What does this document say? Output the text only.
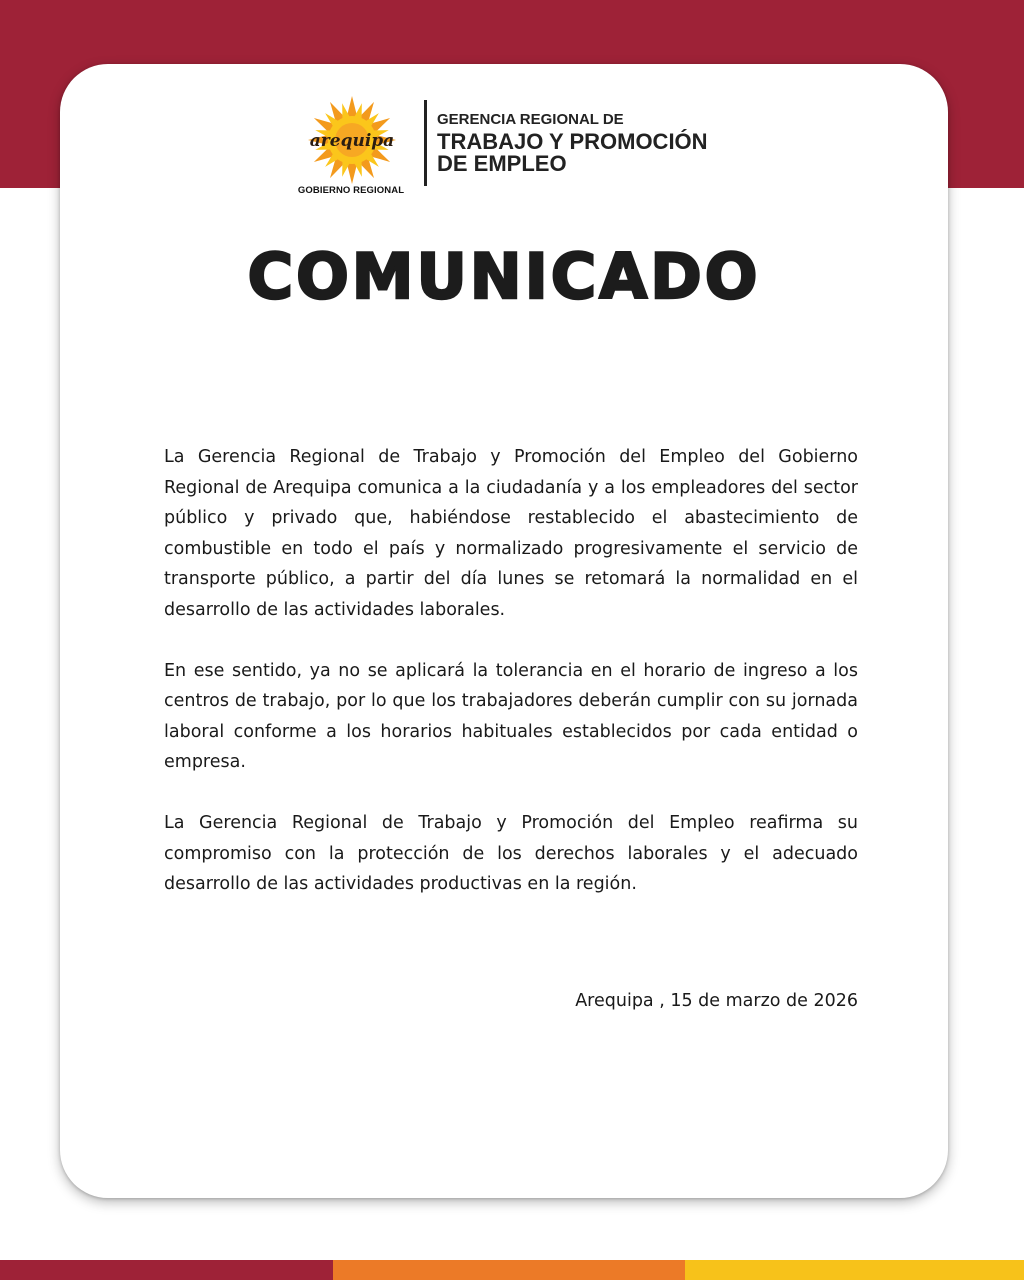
arequipa
GOBIERNO REGIONAL
GERENCIA REGIONAL DE
TRABAJO Y PROMOCIÓN
DE EMPLEO
COMUNICADO

La Gerencia Regional de Trabajo y Promoción del Empleo del Gobierno Regional de Arequipa comunica a la ciudadanía y a los empleadores del sector público y privado que, habiéndose restablecido el abastecimiento de combustible en todo el país y normalizado progresivamente el servicio de transporte público, a partir del día lunes se retomará la normalidad en el desarrollo de las actividades laborales.

En ese sentido, ya no se aplicará la tolerancia en el horario de ingreso a los centros de trabajo, por lo que los trabajadores deberán cumplir con su jornada laboral conforme a los horarios habituales establecidos por cada entidad o empresa.

La Gerencia Regional de Trabajo y Promoción del Empleo reafirma su compromiso con la protección de los derechos laborales y el adecuado desarrollo de las actividades productivas en la región.

Arequipa , 15 de marzo de 2026
